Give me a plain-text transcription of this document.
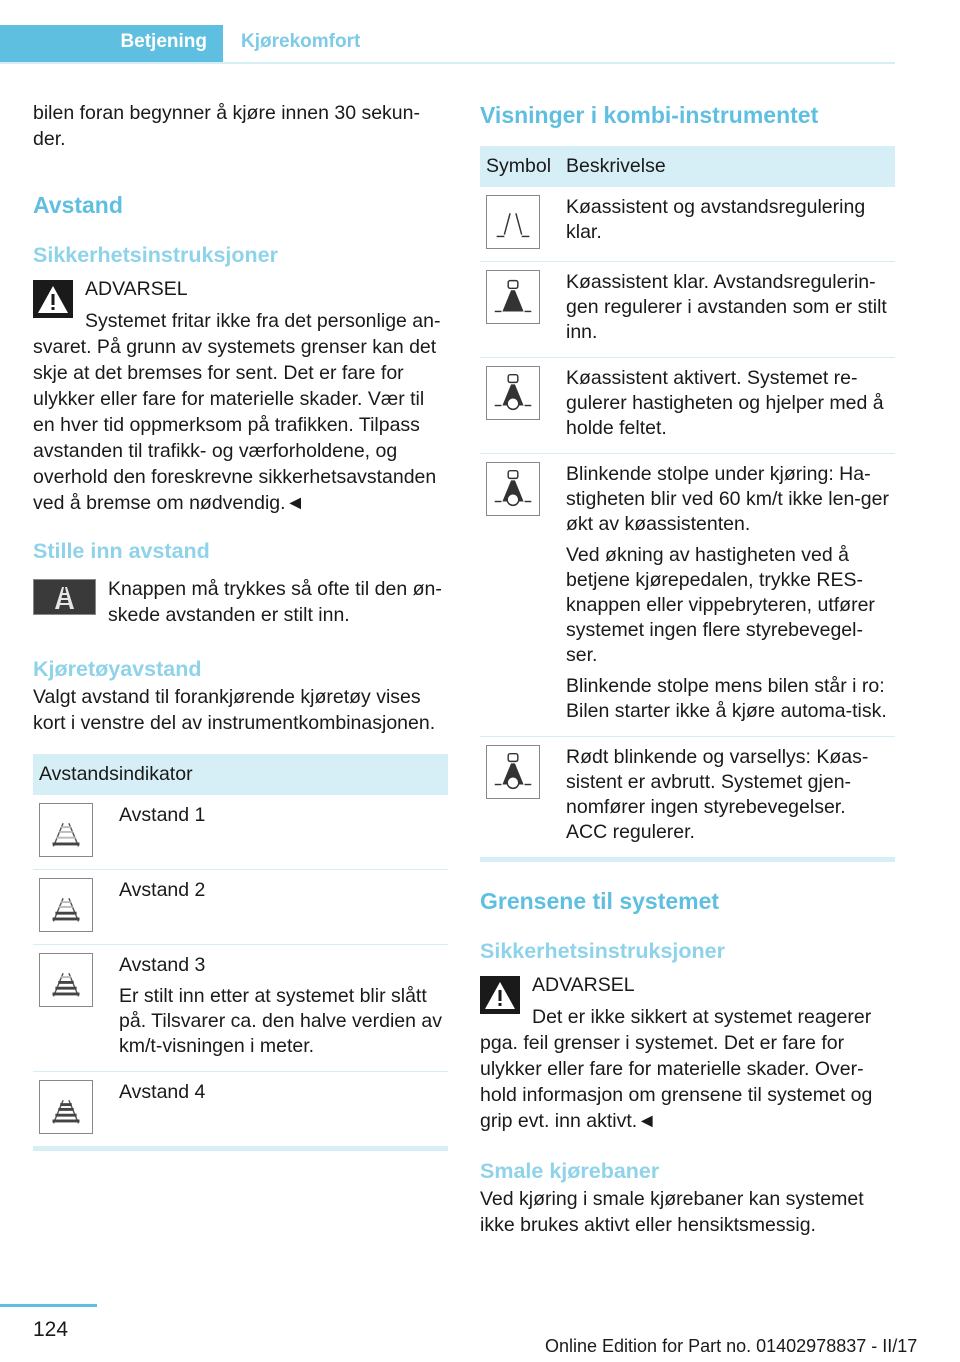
Betjening Kjørekomfort

bilen foran begynner å kjøre innen 30 sekun-der.

Avstand
Sikkerhetsinstruksjoner
ADVARSEL
Systemet fritar ikke fra det personlige an-svaret. På grunn av systemets grenser kan det skje at det bremses for sent. Det er fare for ulykker eller fare for materielle skader. Vær til en hver tid oppmerksom på trafikken. Tilpass avstanden til trafikk- og værforholdene, og overhold den foreskrevne sikkerhetsavstanden ved å bremse om nødvendig.◄
Stille inn avstand
Knappen må trykkes så ofte til den øn-skede avstanden er stilt inn.
Kjøretøyavstand

Valgt avstand til forankjørende kjøretøy vises kort i venstre del av instrumentkombinasjonen.

Avstandsindikator	

	Avstand 1

	Avstand 2

	Avstand 3
Er stilt inn etter at systemet blir slått på. Tilsvarer ca. den halve verdien av km/t-visningen i meter.

	Avstand 4
Visninger i kombi-instrumentet
Symbol	Beskrivelse

	Køassistent og avstandsregulering klar.

	Køassistent klar. Avstandsregulerin-gen regulerer i avstanden som er stilt inn.

	Køassistent aktivert. Systemet re-gulerer hastigheten og hjelper med å holde feltet.

	Blinkende stolpe under kjøring: Ha-stigheten blir ved 60 km/t ikke len-ger økt av køassistenten.
Ved økning av hastigheten ved å betjene kjørepedalen, trykke RES-knappen eller vippebryteren, utfører systemet ingen flere styrebevegel-ser.
Blinkende stolpe mens bilen står i ro: Bilen starter ikke å kjøre automa-tisk.

	Rødt blinkende og varsellys: Køas-sistent er avbrutt. Systemet gjen-nomfører ingen styrebevegelser. ACC regulerer.
Grensene til systemet
Sikkerhetsinstruksjoner
ADVARSEL
Det er ikke sikkert at systemet reagerer pga. feil grenser i systemet. Det er fare for ulykker eller fare for materielle skader. Over-hold informasjon om grensene til systemet og grip evt. inn aktivt.◄
Smale kjørebaner

Ved kjøring i smale kjørebaner kan systemet ikke brukes aktivt eller hensiktsmessig.

124
Online Edition for Part no. 01402978837 - II/17
